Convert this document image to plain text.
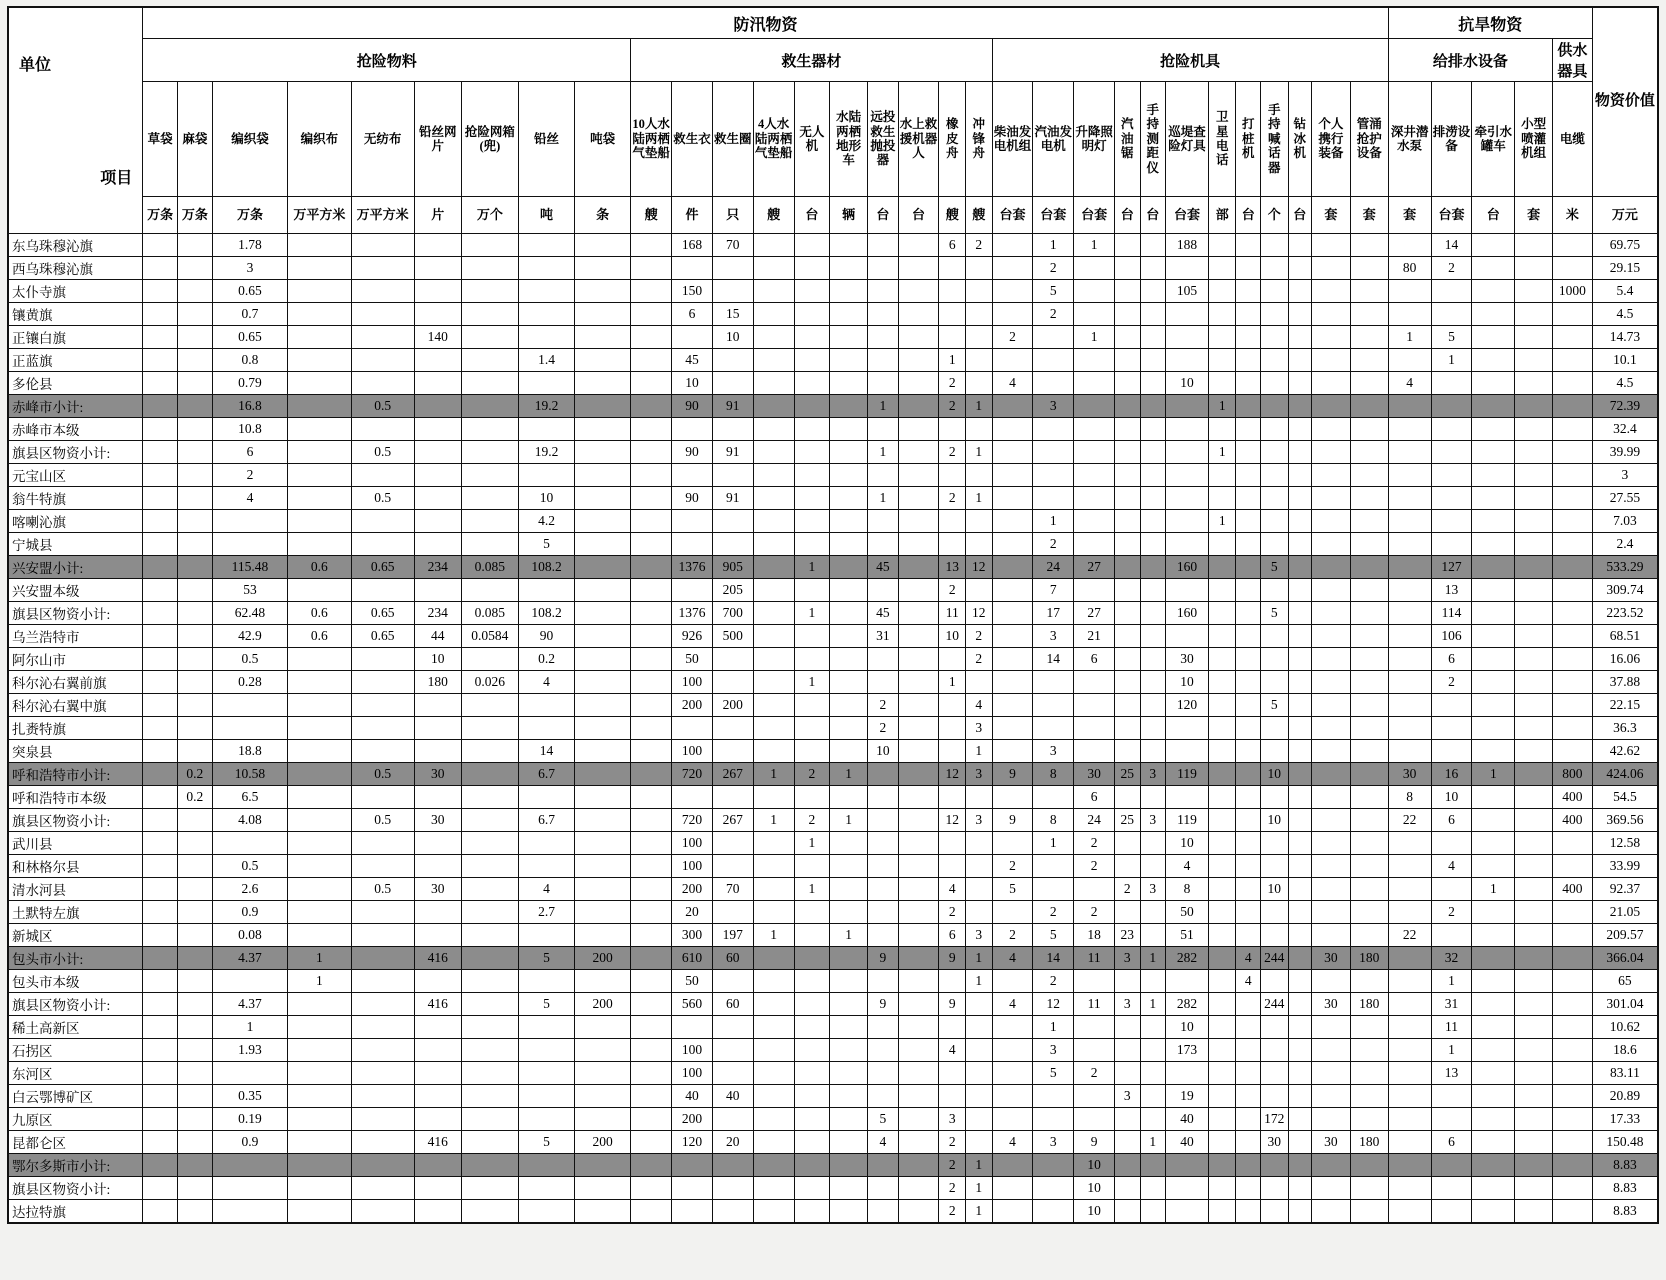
项目
单位	防汛物资																															抗旱物资					物资价值
	抢险物料									救生器材										抢险机具												给排水设备				供水器具	
	草袋	麻袋	编织袋	编织布	无纺布	铅丝网片	抢险网箱(兜)	铅丝	吨袋	10人水陆两栖气垫船	救生衣	救生圈	4人水陆两栖气垫船	无人机	水陆两栖地形车	远投救生抛投器	水上救援机器人	橡皮舟	冲锋舟	柴油发电机组	汽油发电机	升降照明灯	汽油锯	手持测距仪	巡堤查险灯具	卫星电话	打桩机	手持喊话器	钻冰机	个人携行装备	管涌抢护设备	深井潜水泵	排涝设备	牵引水罐车	小型喷灌机组	电缆	
	万条	万条	万条	万平方米	万平方米	片	万个	吨	条	艘	件	只	艘	台	辆	台	台	艘	艘	台套	台套	台套	台	台	台套	部	台	个	台	套	套	套	台套	台	套	米	万元
东乌珠穆沁旗			1.78								168	70						6	2		1	1			188								14				69.75
西乌珠穆沁旗			3																		2											80	2				29.15
太仆寺旗			0.65								150										5				105											1000	5.4
镶黄旗			0.7								6	15									2																4.5
正镶白旗			0.65			140						10								2		1										1	5				14.73
正蓝旗			0.8					1.4			45							1															1				10.1
多伦县			0.79								10							2		4					10							4					4.5
赤峰市小计:			16.8		0.5			19.2			90	91				1		2	1		3					1											72.39
赤峰市本级			10.8																																		32.4
旗县区物资小计:			6		0.5			19.2			90	91				1		2	1							1											39.99
元宝山区			2																																		3
翁牛特旗			4		0.5			10			90	91				1		2	1																		27.55
喀喇沁旗								4.2													1					1											7.03
宁城县								5													2																2.4
兴安盟小计:			115.48	0.6	0.65	234	0.085	108.2			1376	905		1		45		13	12		24	27			160			5					127				533.29
兴安盟本级			53									205						2			7												13				309.74
旗县区物资小计:			62.48	0.6	0.65	234	0.085	108.2			1376	700		1		45		11	12		17	27			160			5					114				223.52
乌兰浩特市			42.9	0.6	0.65	44	0.0584	90			926	500				31		10	2		3	21											106				68.51
阿尔山市			0.5			10		0.2			50								2		14	6			30								6				16.06
科尔沁右翼前旗			0.28			180	0.026	4			100			1				1							10								2				37.88
科尔沁右翼中旗											200	200				2			4						120			5									22.15
扎赉特旗																2			3																		36.3
突泉县			18.8					14			100					10			1		3																42.62
呼和浩特市小计:		0.2	10.58		0.5	30		6.7			720	267	1	2	1			12	3	9	8	30	25	3	119			10				30	16	1		800	424.06
呼和浩特市本级		0.2	6.5																			6										8	10			400	54.5
旗县区物资小计:			4.08		0.5	30		6.7			720	267	1	2	1			12	3	9	8	24	25	3	119			10				22	6			400	369.56
武川县											100			1							1	2			10												12.58
和林格尔县			0.5								100									2		2			4								4				33.99
清水河县			2.6		0.5	30		4			200	70		1				4		5			2	3	8			10						1		400	92.37
土默特左旗			0.9					2.7			20							2			2	2			50								2				21.05
新城区			0.08								300	197	1		1			6	3	2	5	18	23		51							22					209.57
包头市小计:			4.37	1		416		5	200		610	60				9		9	1	4	14	11	3	1	282		4	244		30	180		32				366.04
包头市本级				1							50								1		2						4						1				65
旗县区物资小计:			4.37			416		5	200		560	60				9		9		4	12	11	3	1	282			244		30	180		31				301.04
稀土高新区			1																		1				10								11				10.62
石拐区			1.93								100							4			3				173								1				18.6
东河区											100										5	2											13				83.11
白云鄂博矿区			0.35								40	40											3		19												20.89
九原区			0.19								200					5		3							40			172									17.33
昆都仑区			0.9			416		5	200		120	20				4		2		4	3	9		1	40			30		30	180		6				150.48
鄂尔多斯市小计:																		2	1			10															8.83
旗县区物资小计:																		2	1			10															8.83
达拉特旗																		2	1			10															8.83
